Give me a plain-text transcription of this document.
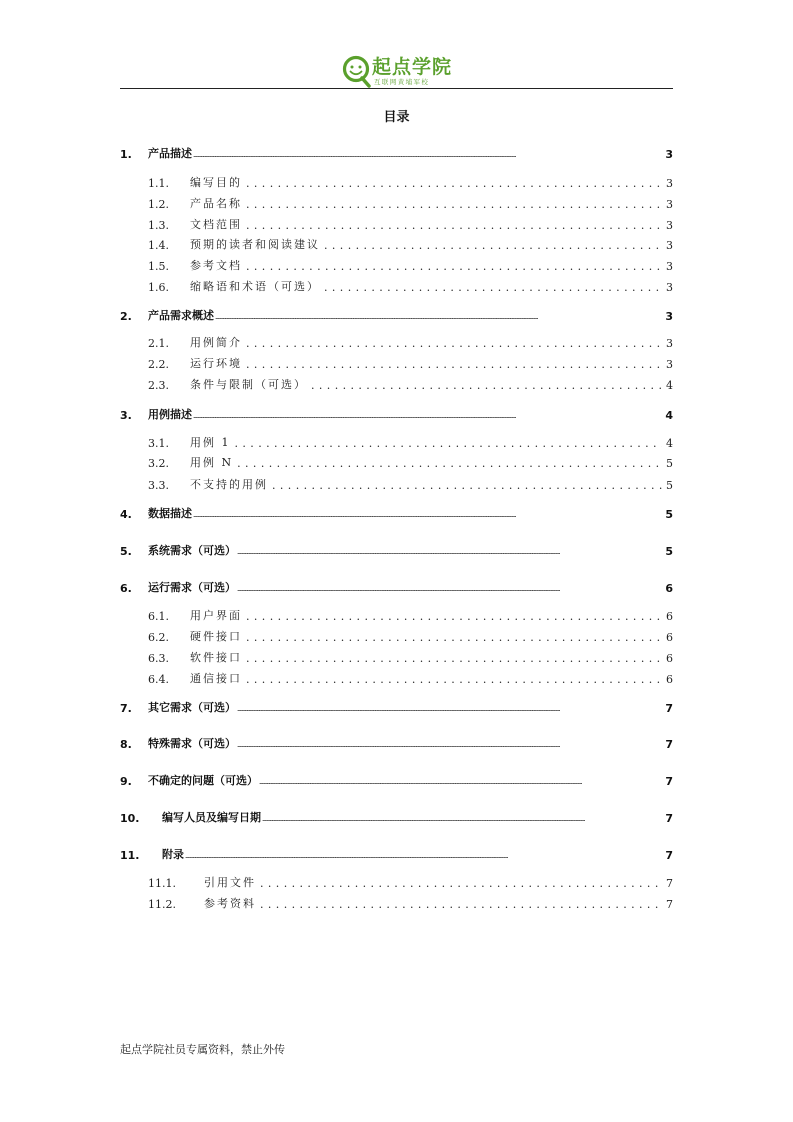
起点学院
互联网黄埔军校
目录
1.	产品描述 .....	3
1.1.	编写目的 .....	3
1.2.	产品名称 .....	3
1.3.	文档范围 .....	3
1.4.	预期的读者和阅读建议 .....	3
1.5.	参考文档 .....	3
1.6.	缩略语和术语（可选） .....	3
2.	产品需求概述 .....	3
2.1.	用例简介 .....	3
2.2.	运行环境 .....	3
2.3.	条件与限制（可选） .....	4
3.	用例描述 .....	4
3.1.	用例 1 .....	4
3.2.	用例 N .....	5
3.3.	不支持的用例 .....	5
4.	数据描述 .....	5
5.	系统需求（可选） .....	5
6.	运行需求（可选） .....	6
6.1.	用户界面 .....	6
6.2.	硬件接口 .....	6
6.3.	软件接口 .....	6
6.4.	通信接口 .....	6
7.	其它需求（可选） .....	7
8.	特殊需求（可选） .....	7
9.	不确定的问题（可选） .....	7
10.	编写人员及编写日期 .....	7
11.	附录 .....	7
11.1.	引用文件 .....	7
11.2.	参考资料 .....	7
起点学院社员专属资料，禁止外传
